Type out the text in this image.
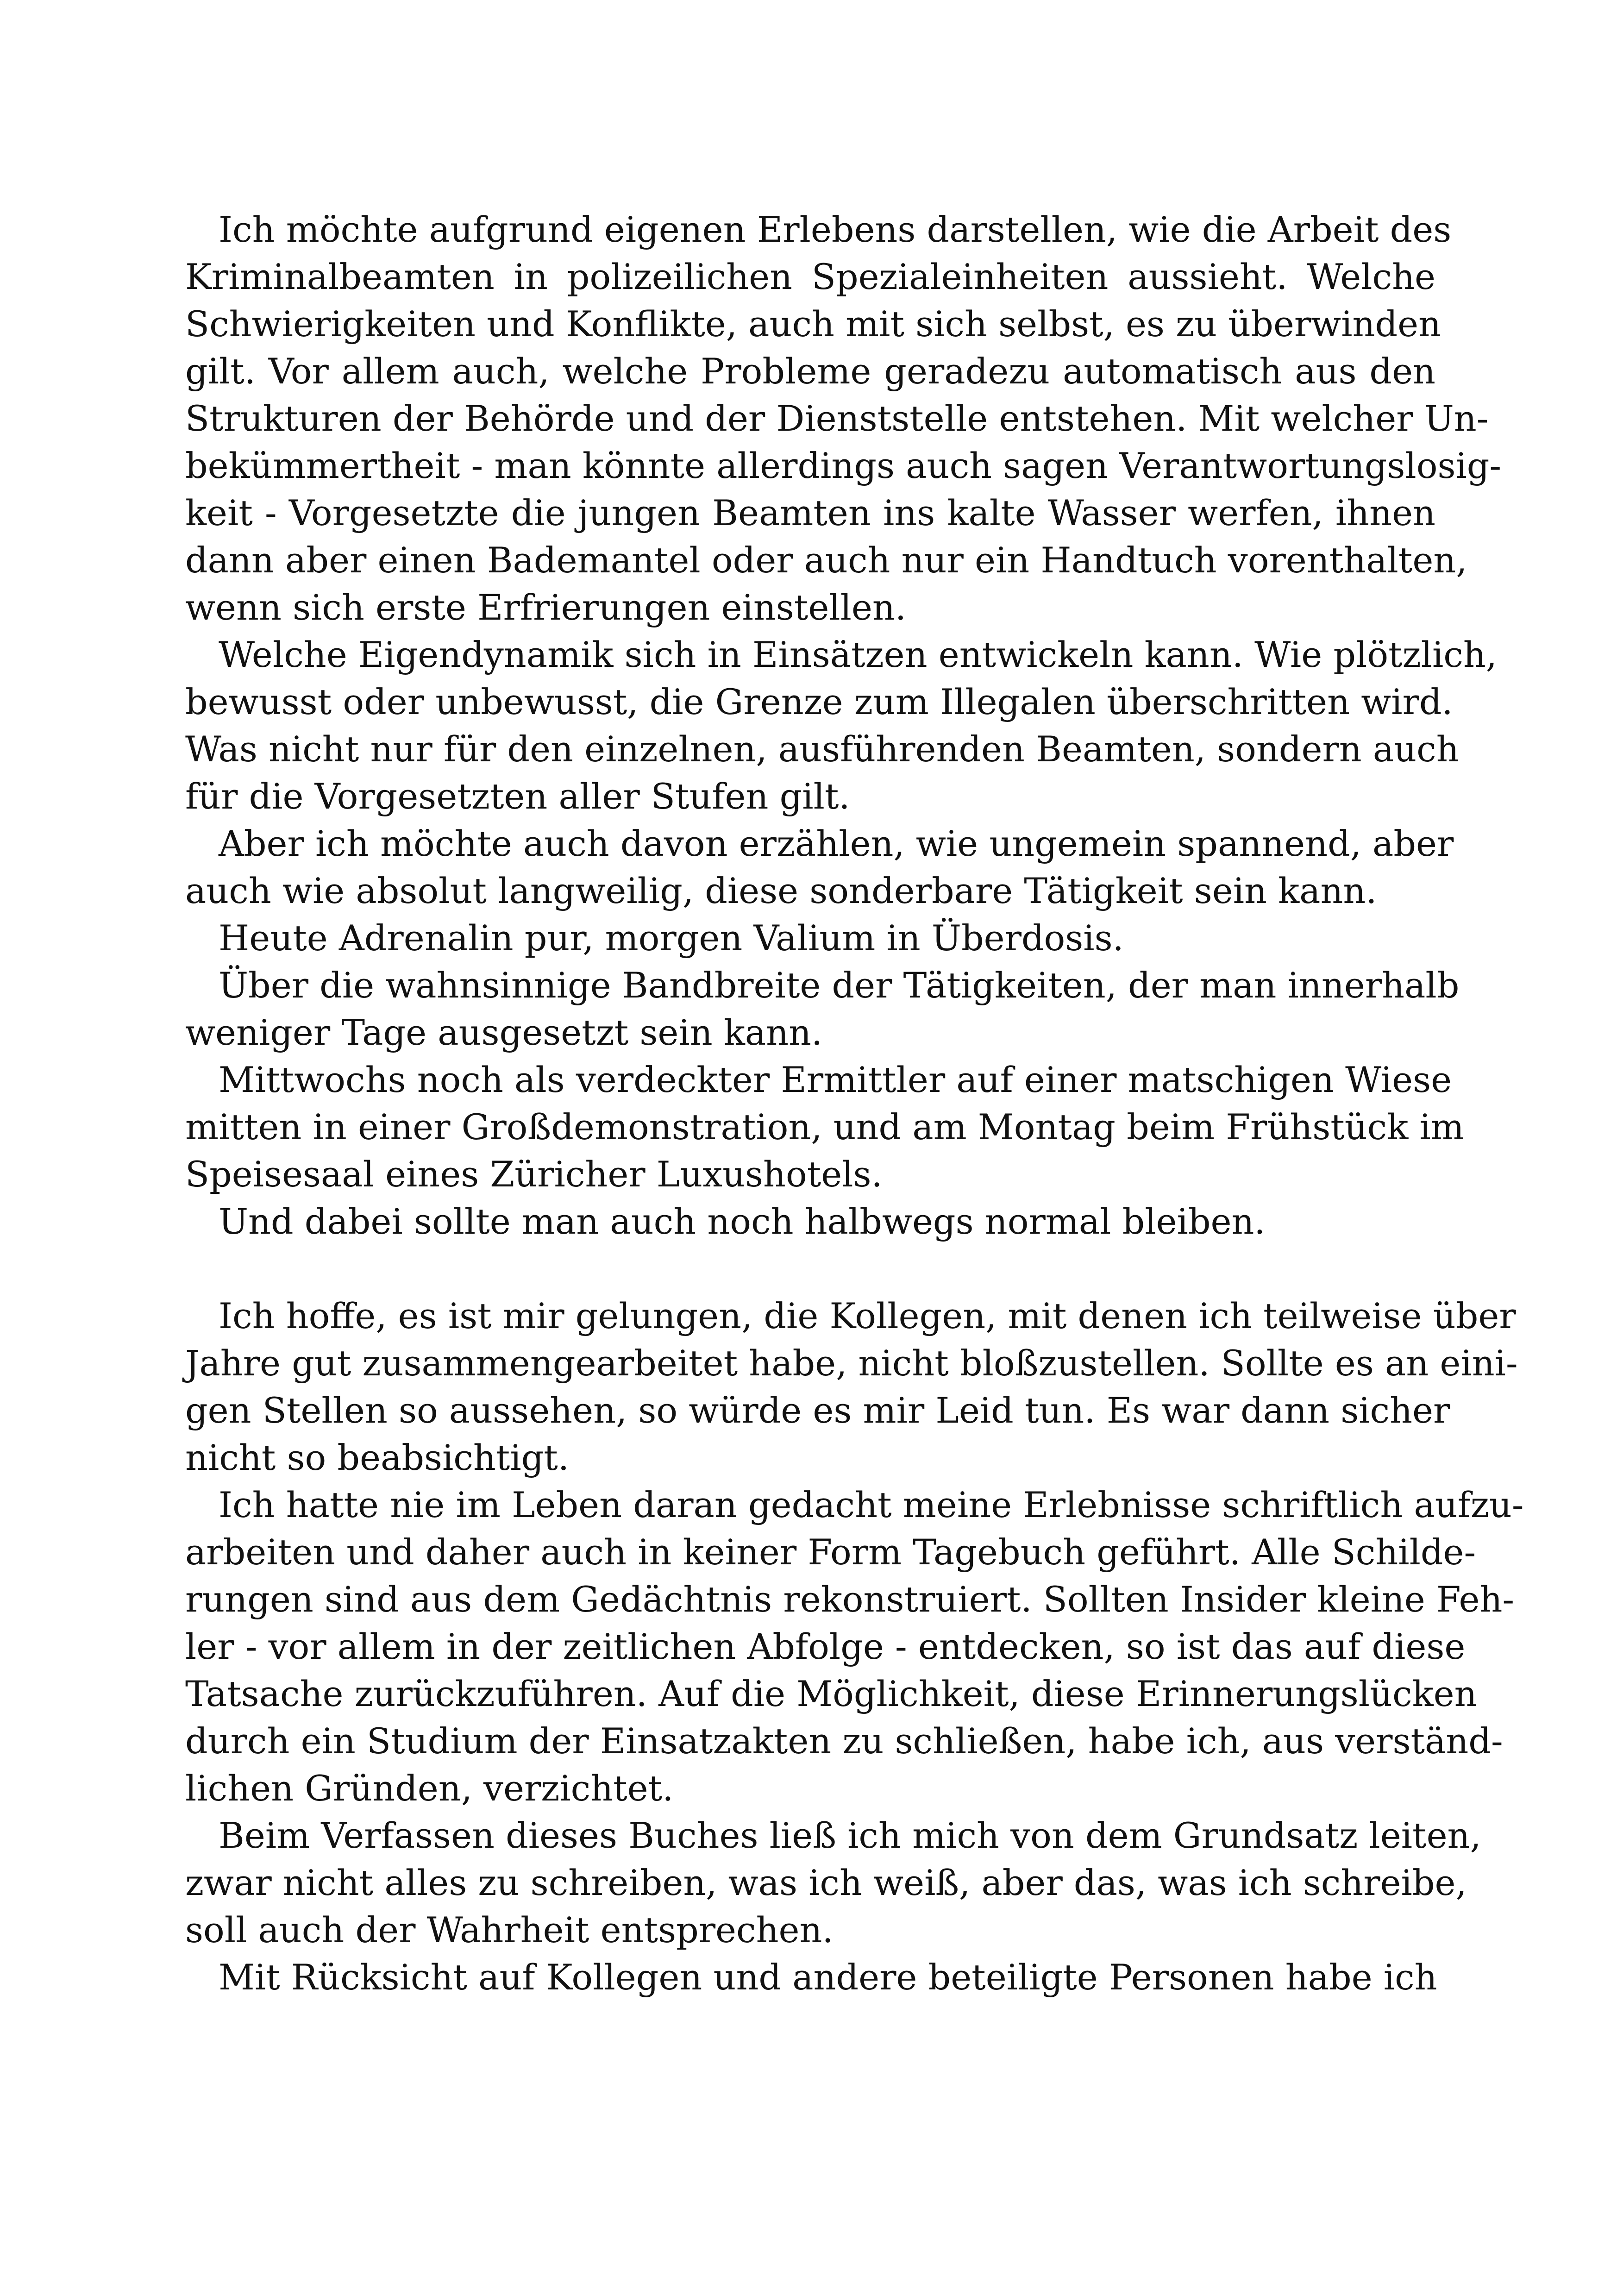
Ich möchte aufgrund eigenen Erlebens darstellen, wie die Arbeit des
Kriminalbeamten in polizeilichen Spezialeinheiten aussieht. Welche
Schwierigkeiten und Konflikte, auch mit sich selbst, es zu überwinden
gilt. Vor allem auch, welche Probleme geradezu automatisch aus den
Strukturen der Behörde und der Dienststelle entstehen. Mit welcher Un-
bekümmertheit - man könnte allerdings auch sagen Verantwortungslosig-
keit - Vorgesetzte die jungen Beamten ins kalte Wasser werfen, ihnen
dann aber einen Bademantel oder auch nur ein Handtuch vorenthalten,
wenn sich erste Erfrierungen einstellen.

Welche Eigendynamik sich in Einsätzen entwickeln kann. Wie plötzlich,
bewusst oder unbewusst, die Grenze zum Illegalen überschritten wird.
Was nicht nur für den einzelnen, ausführenden Beamten, sondern auch
für die Vorgesetzten aller Stufen gilt.

Aber ich möchte auch davon erzählen, wie ungemein spannend, aber
auch wie absolut langweilig, diese sonderbare Tätigkeit sein kann.

Heute Adrenalin pur, morgen Valium in Überdosis.

Über die wahnsinnige Bandbreite der Tätigkeiten, der man innerhalb
weniger Tage ausgesetzt sein kann.

Mittwochs noch als verdeckter Ermittler auf einer matschigen Wiese
mitten in einer Großdemonstration, und am Montag beim Frühstück im
Speisesaal eines Züricher Luxushotels.

Und dabei sollte man auch noch halbwegs normal bleiben.

Ich hoffe, es ist mir gelungen, die Kollegen, mit denen ich teilweise über
Jahre gut zusammengearbeitet habe, nicht bloßzustellen. Sollte es an eini-
gen Stellen so aussehen, so würde es mir Leid tun. Es war dann sicher
nicht so beabsichtigt.

Ich hatte nie im Leben daran gedacht meine Erlebnisse schriftlich aufzu-
arbeiten und daher auch in keiner Form Tagebuch geführt. Alle Schilde-
rungen sind aus dem Gedächtnis rekonstruiert. Sollten Insider kleine Feh-
ler - vor allem in der zeitlichen Abfolge - entdecken, so ist das auf diese
Tatsache zurückzuführen. Auf die Möglichkeit, diese Erinnerungslücken
durch ein Studium der Einsatzakten zu schließen, habe ich, aus verständ-
lichen Gründen, verzichtet.

Beim Verfassen dieses Buches ließ ich mich von dem Grundsatz leiten,
zwar nicht alles zu schreiben, was ich weiß, aber das, was ich schreibe,
soll auch der Wahrheit entsprechen.

Mit Rücksicht auf Kollegen und andere beteiligte Personen habe ich
